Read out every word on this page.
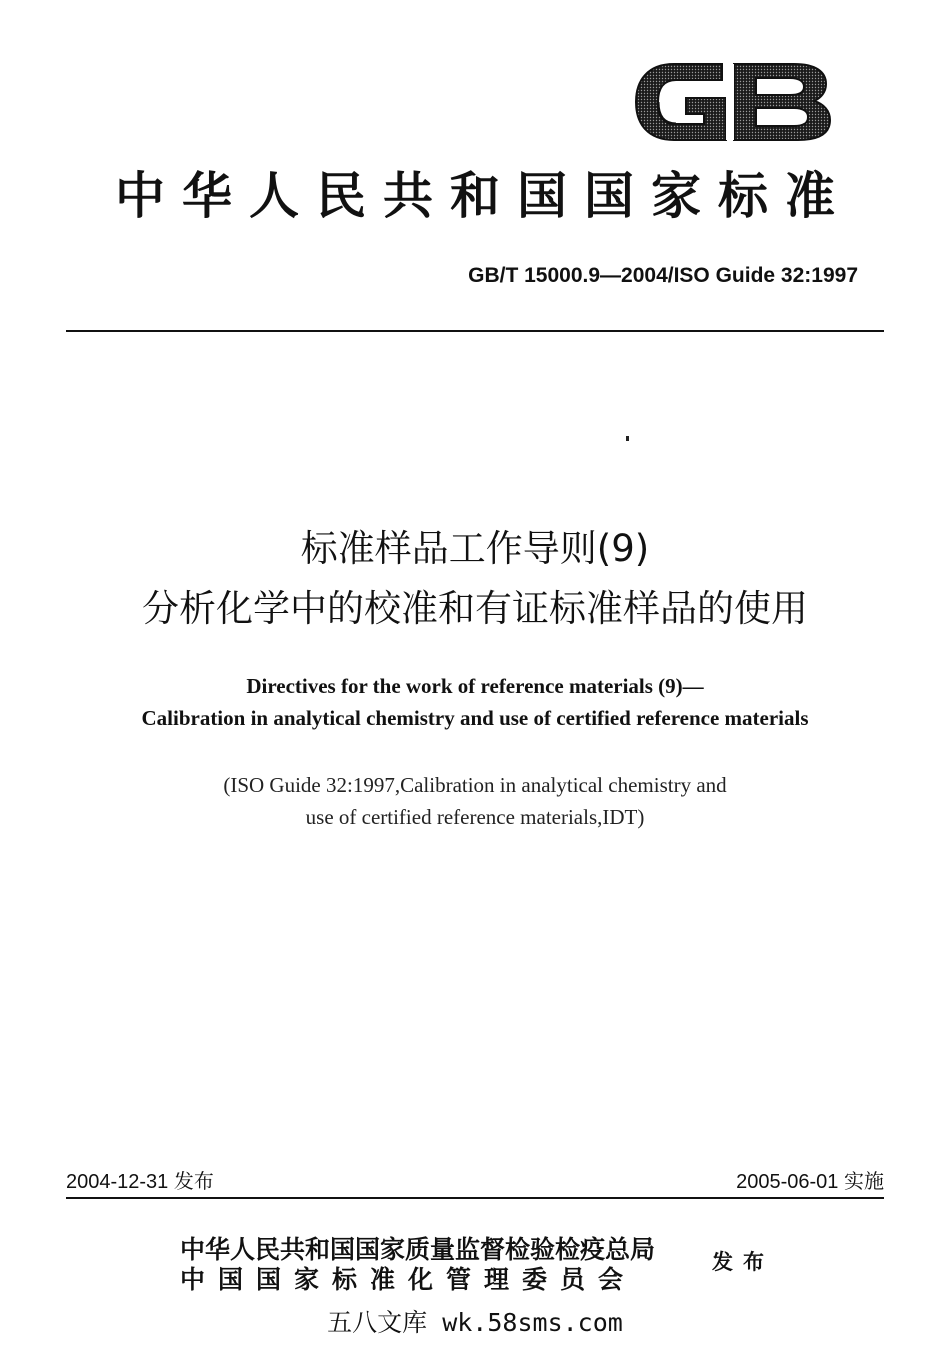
中华人民共和国国家标准
GB/T 15000.9—2004/ISO Guide 32:1997
标准样品工作导则(9)
分析化学中的校准和有证标准样品的使用
Directives for the work of reference materials (9)—
Calibration in analytical chemistry and use of certified reference materials
(ISO Guide 32:1997,Calibration in analytical chemistry and
use of certified reference materials,IDT)
2004-12-31 发布	2005-06-01 实施
中华人民共和国国家质量监督检验检疫总局
中国国家标准化管理委员会
发布
五八文库 wk.58sms.com
